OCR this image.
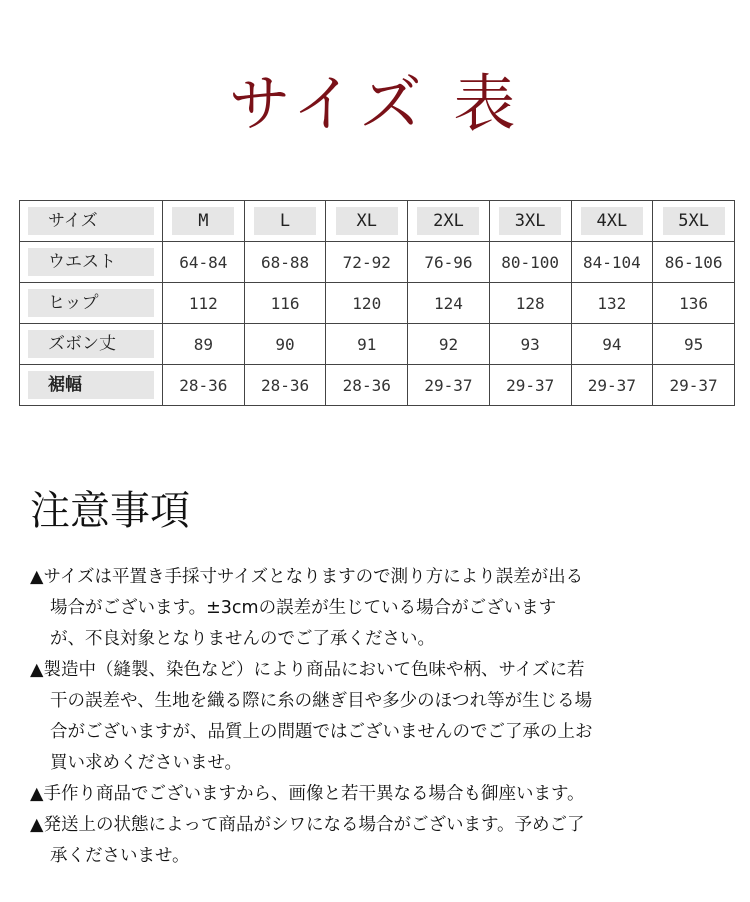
サイズ 表
サイズ	M	L	XL	2XL	3XL	4XL	5XL
ウエスト	64-84	68-88	72-92	76-96	80-100	84-104	86-106
ヒップ	112	116	120	124	128	132	136
ズボン丈	89	90	91	92	93	94	95
裾幅	28-36	28-36	28-36	29-37	29-37	29-37	29-37
注意事項
▲サイズは平置き手採寸サイズとなりますので測り方により誤差が出る
場合がございます。±3cmの誤差が生じている場合がございます
が、不良対象となりませんのでご了承ください。
▲製造中（縫製、染色など）により商品において色味や柄、サイズに若
干の誤差や、生地を織る際に糸の継ぎ目や多少のほつれ等が生じる場
合がございますが、品質上の問題ではございませんのでご了承の上お
買い求めくださいませ。
▲手作り商品でございますから、画像と若干異なる場合も御座います。
▲発送上の状態によって商品がシワになる場合がございます。予めご了
承くださいませ。
